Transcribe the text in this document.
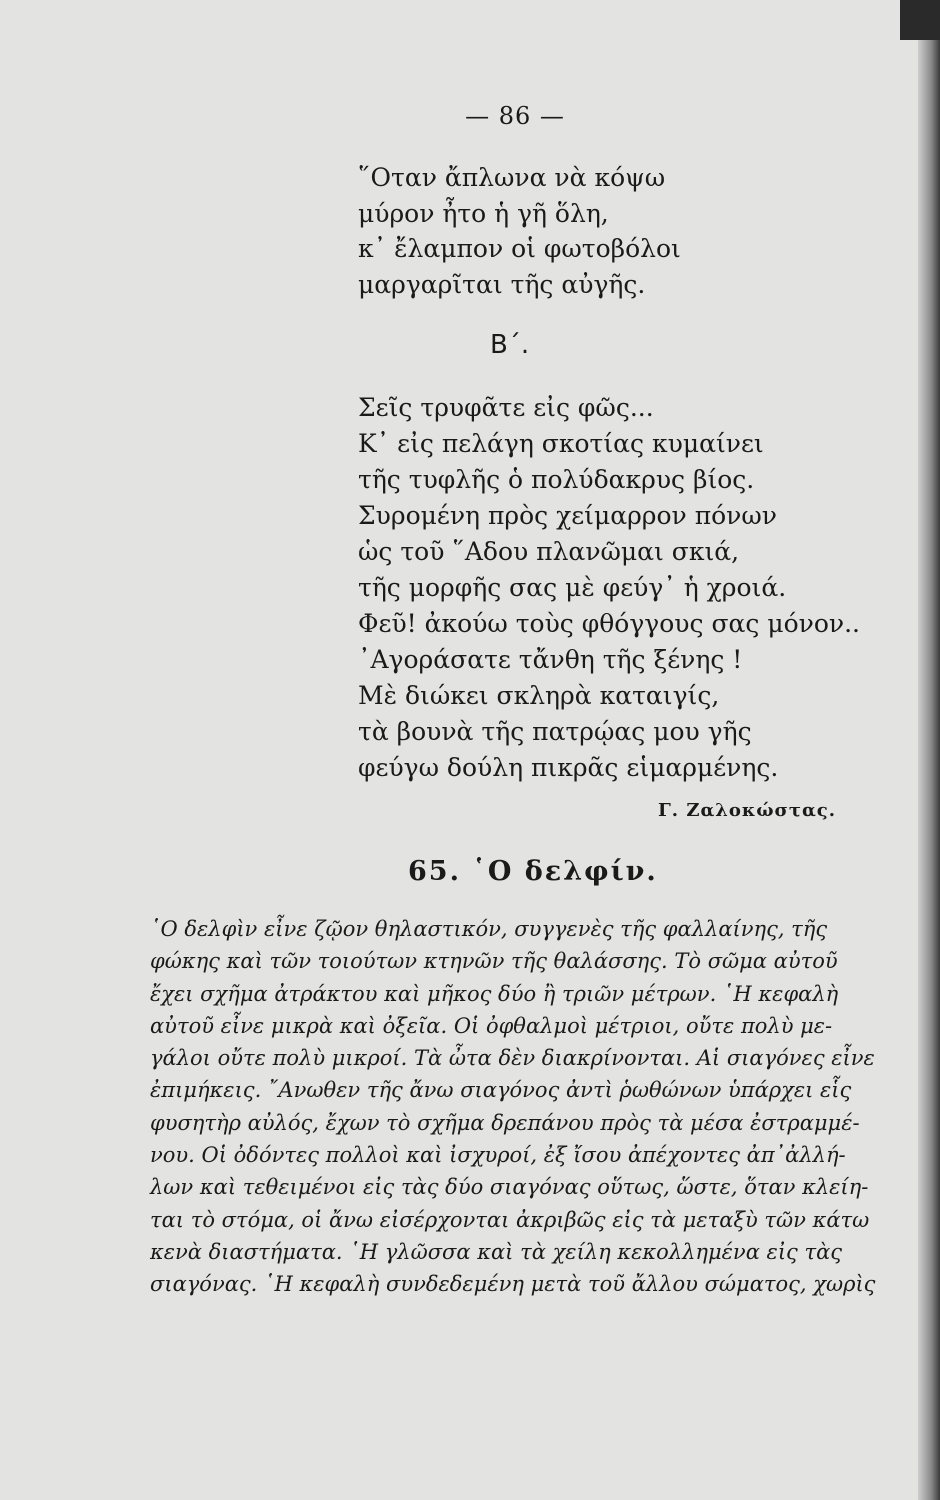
— 86 —
῞Οταν ἄπλωνα νὰ κόψω
μύρον ἦτο ἡ γῆ ὅλη,
κ᾽ ἔλαμπον οἱ φωτοβόλοι
μαργαρῖται τῆς αὐγῆς.
Β΄.
Σεῖς τρυφᾶτε εἰς φῶς...
Κ᾽ εἰς πελάγη σκοτίας κυμαίνει
τῆς τυφλῆς ὁ πολύδακρυς βίος.
Συρομένη πρὸς χείμαρρον πόνων
ὡς τοῦ ῞Αδου πλανῶμαι σκιά,
τῆς μορφῆς σας μὲ φεύγ᾽ ἡ χροιά.
Φεῦ! ἀκούω τοὺς φθόγγους σας μόνον..
᾽Αγοράσατε τἄνθη τῆς ξένης !
Μὲ διώκει σκληρὰ καταιγίς,
τὰ βουνὰ τῆς πατρῴας μου γῆς
φεύγω δούλη πικρᾶς εἱμαρμένης.
Γ. Ζαλοκώστας.
65. ῾Ο δελφίν.
῾Ο δελφὶν εἶνε ζῷον θηλαστικόν, συγγενὲς τῆς φαλλαίνης, τῆς
φώκης καὶ τῶν τοιούτων κτηνῶν τῆς θαλάσσης. Τὸ σῶμα αὐτοῦ
ἔχει σχῆμα ἀτράκτου καὶ μῆκος δύο ἢ τριῶν μέτρων. ῾Η κεφαλὴ
αὐτοῦ εἶνε μικρὰ καὶ ὀξεῖα. Οἱ ὀφθαλμοὶ μέτριοι, οὔτε πολὺ με-
γάλοι οὔτε πολὺ μικροί. Τὰ ὦτα δὲν διακρίνονται. Αἱ σιαγόνες εἶνε
ἐπιμήκεις. ῎Ανωθεν τῆς ἄνω σιαγόνος ἀντὶ ῥωθώνων ὑπάρχει εἷς
φυσητὴρ αὐλός, ἔχων τὸ σχῆμα δρεπάνου πρὸς τὰ μέσα ἐστραμμέ-
νου. Οἱ ὀδόντες πολλοὶ καὶ ἰσχυροί, ἐξ ἴσου ἀπέχοντες ἀπ᾽ἀλλή-
λων καὶ τεθειμένοι εἰς τὰς δύο σιαγόνας οὕτως, ὥστε, ὅταν κλείη-
ται τὸ στόμα, οἱ ἄνω εἰσέρχονται ἀκριβῶς εἰς τὰ μεταξὺ τῶν κάτω
κενὰ διαστήματα. ῾Η γλῶσσα καὶ τὰ χείλη κεκολλημένα εἰς τὰς
σιαγόνας. ῾Η κεφαλὴ συνδεδεμένη μετὰ τοῦ ἄλλου σώματος, χωρὶς
